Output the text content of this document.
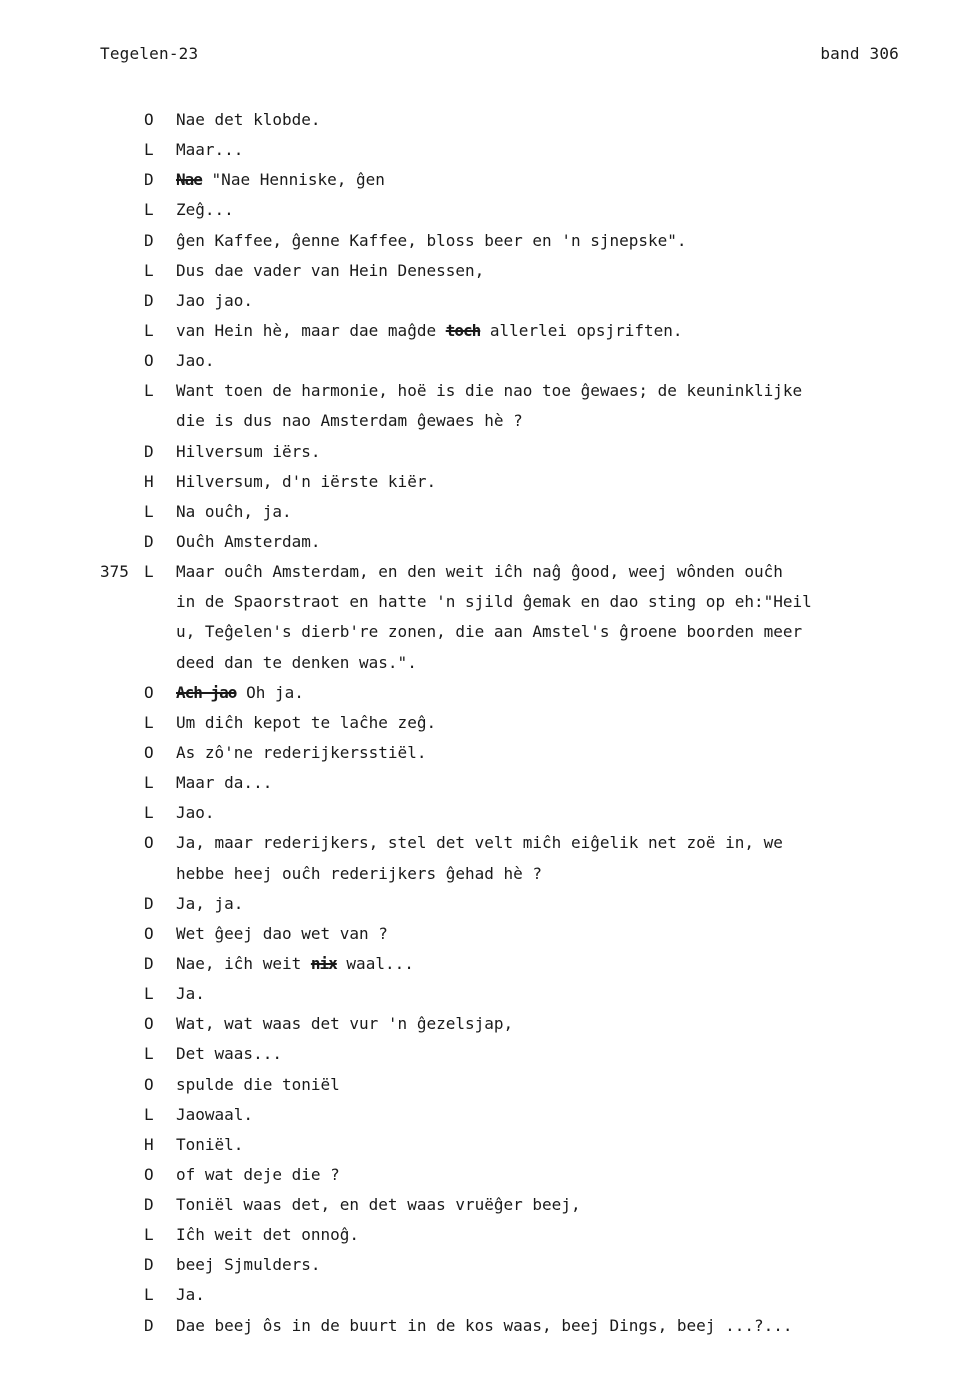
Tegelen-23	band 306
O	Nae det klobde.
L	Maar...
D	Nae "Nae Henniske, ĝen
L	Zeĝ...
D	ĝen Kaffee, ĝenne Kaffee, bloss beer en 'n sjnepske".
L	Dus dae vader van Hein Denessen,
D	Jao jao.
L	van Hein hè, maar dae maĝde toch allerlei opsjriften.
O	Jao.
L	Want toen de harmonie, hoë is die nao toe ĝewaes; de keuninklijke
die is dus nao Amsterdam ĝewaes hè ?
D	Hilversum iërs.
H	Hilversum, d'n iërste kiër.
L	Na ouĉh, ja.
D	Ouĉh Amsterdam.
375 L	Maar ouĉh Amsterdam, en den weit iĉh naĝ ĝood, weej wônden ouĉh
in de Spaorstraot en hatte 'n sjild ĝemak en dao sting op eh:"Heil
u, Teĝelen's dierb're zonen, die aan Amstel's ĝroene boorden meer
deed dan te denken was.".
O	Ach jao Oh ja.
L	Um diĉh kepot te laĉhe zeĝ.
O	As zô'ne rederijkersstiël.
L	Maar da...
L	Jao.
O	Ja, maar rederijkers, stel det velt miĉh eiĝelik net zoë in, we
hebbe heej ouĉh rederijkers ĝehad hè ?
D	Ja, ja.
O	Wet ĝeej dao wet van ?
D	Nae, iĉh weit nix waal...
L	Ja.
O	Wat, wat waas det vur 'n ĝezelsjap,
L	Det waas...
O	spulde die toniël
L	Jaowaal.
H	Toniël.
O	of wat deje die ?
D	Toniël waas det, en det waas vruëĝer beej,
L	Iĉh weit det onnoĝ.
D	beej Sjmulders.
L	Ja.
D	Dae beej ôs in de buurt in de kos waas, beej Dings, beej ...?...
